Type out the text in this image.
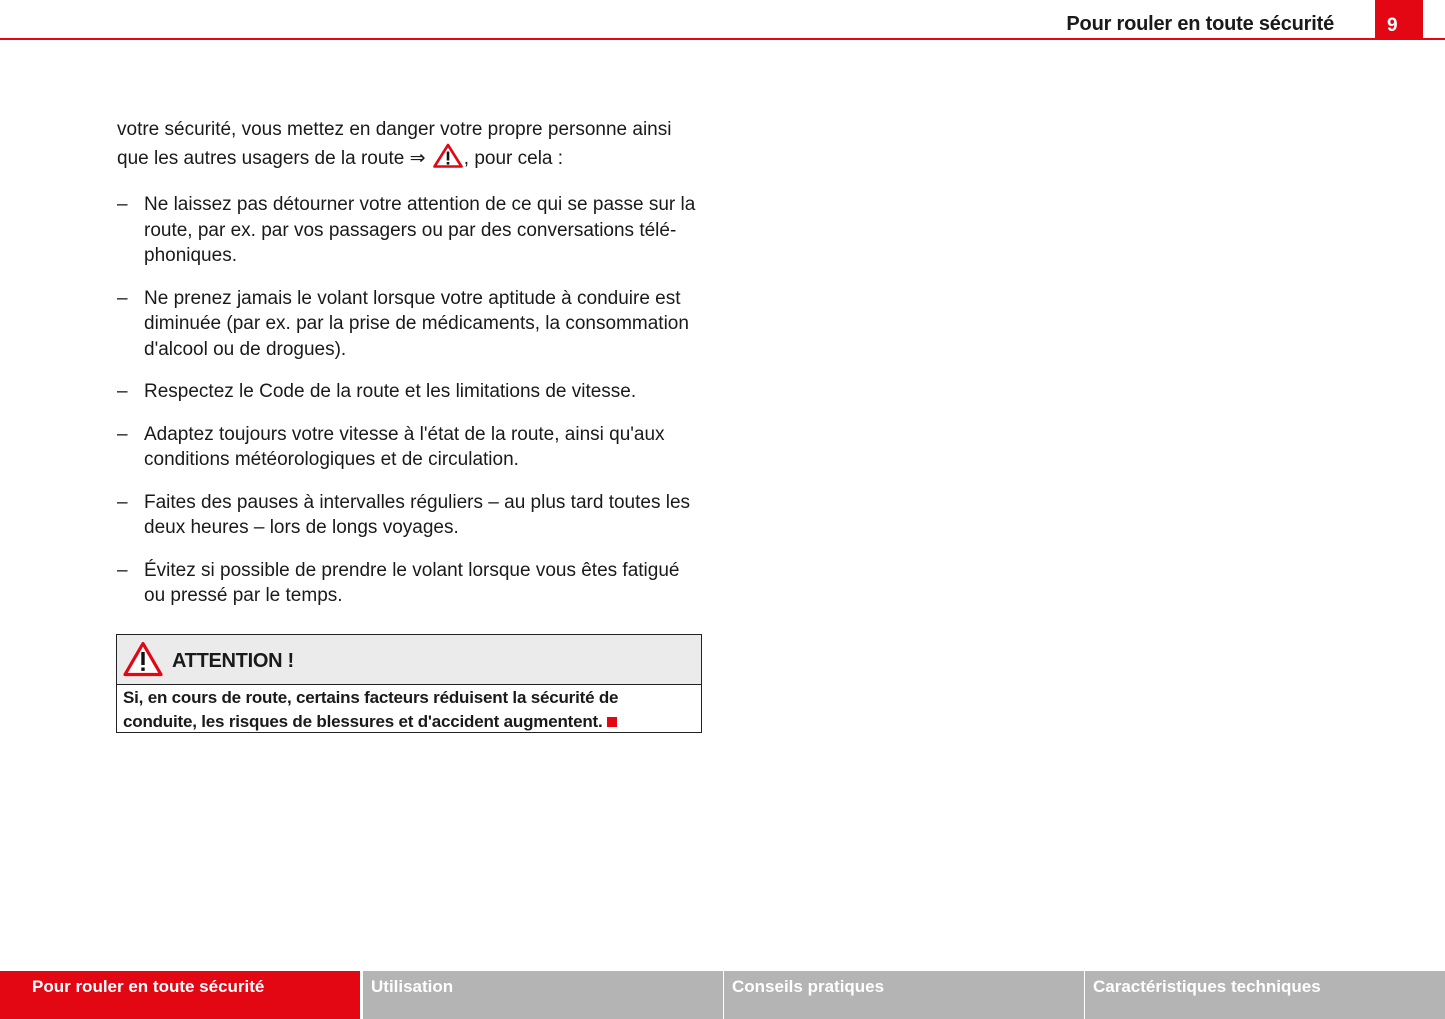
Pour rouler en toute sécurité	9

votre sécurité, vous mettez en danger votre propre personne ainsi que les autres usagers de la route ⇒ , pour cela :

– Ne laissez pas détourner votre attention de ce qui se passe sur la route, par ex. par vos passagers ou par des conversations télé-phoniques.
– Ne prenez jamais le volant lorsque votre aptitude à conduire est diminuée (par ex. par la prise de médicaments, la consommation d'alcool ou de drogues).
– Respectez le Code de la route et les limitations de vitesse.
– Adaptez toujours votre vitesse à l'état de la route, ainsi qu'aux conditions météorologiques et de circulation.
– Faites des pauses à intervalles réguliers – au plus tard toutes les deux heures – lors de longs voyages.
– Évitez si possible de prendre le volant lorsque vous êtes fatigué ou pressé par le temps.
ATTENTION !
Si, en cours de route, certains facteurs réduisent la sécurité de conduite, les risques de blessures et d'accident augmentent.
Pour rouler en toute sécurité	Utilisation	Conseils pratiques	Caractéristiques techniques
